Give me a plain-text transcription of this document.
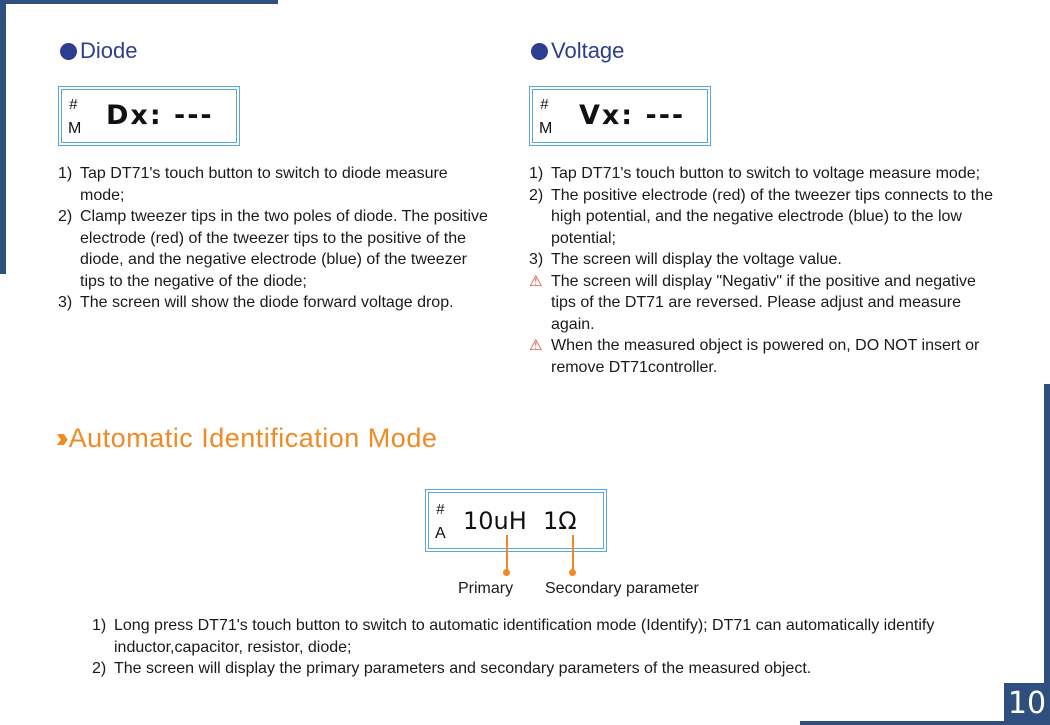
10
Diode
#
M Dx: ---
1) Tap DT71's touch button to switch to diode measure mode;
2) Clamp tweezer tips in the two poles of diode. The positive electrode (red) of the tweezer tips to the positive of the diode, and the negative electrode (blue) of the tweezer tips to the negative of the diode;
3) The screen will show the diode forward voltage drop.
Voltage
#
M Vx: ---
1) Tap DT71's touch button to switch to voltage measure mode;
2) The positive electrode (red) of the tweezer tips connects to the high potential, and the negative electrode (blue) to the low potential;
3) The screen will display the voltage value.
⚠ The screen will display "Negativ" if the positive and negative tips of the DT71 are reversed. Please adjust and measure again.
⚠ When the measured object is powered on, DO NOT insert or remove DT71controller.
›› Automatic Identification Mode
#
A 10uH 1Ω
Primary Secondary parameter
1) Long press DT71's touch button to switch to automatic identification mode (Identify); DT71 can automatically identify inductor,capacitor, resistor, diode;
2) The screen will display the primary parameters and secondary parameters of the measured object.
